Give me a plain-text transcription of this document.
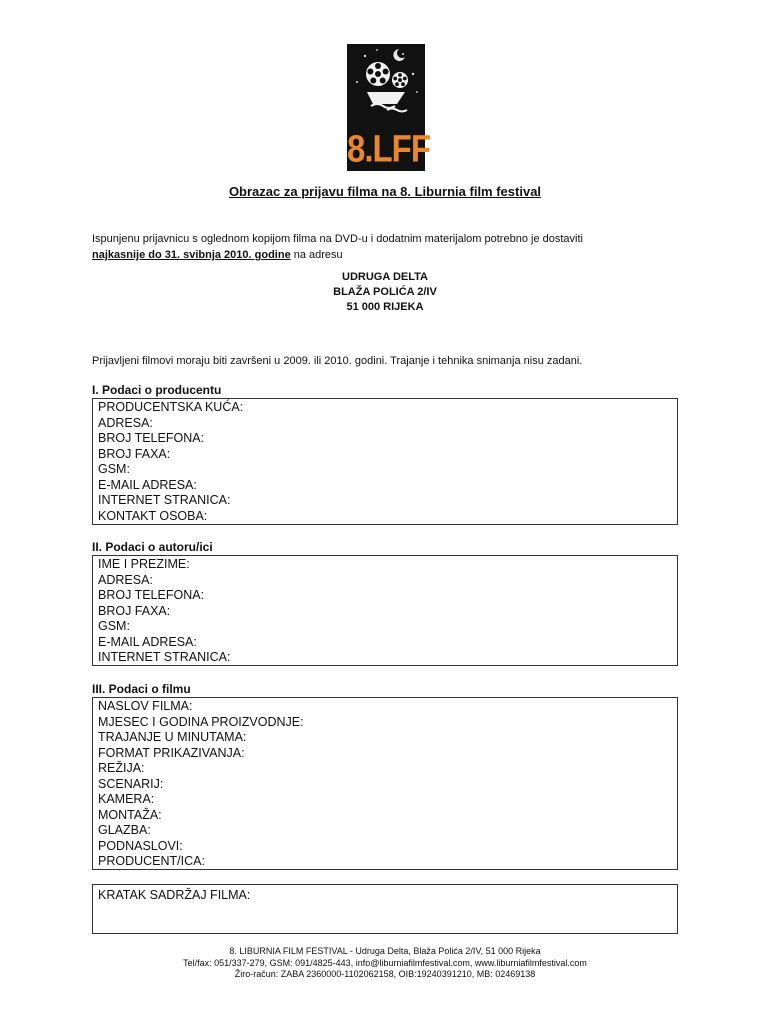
8.LFF
Obrazac za prijavu filma na 8. Liburnia film festival
Ispunjenu prijavnicu s oglednom kopijom filma na DVD-u i dodatnim materijalom potrebno je dostaviti
najkasnije do 31. svibnja 2010. godine na adresu
UDRUGA DELTA
BLAŽA POLIĆA 2/IV
51 000 RIJEKA
Prijavljeni filmovi moraju biti završeni u 2009. ili 2010. godini. Trajanje i tehnika snimanja nisu zadani.
I. Podaci o producentu
PRODUCENTSKA KUĆA:
ADRESA:
BROJ TELEFONA:
BROJ FAXA:
GSM:
E-MAIL ADRESA:
INTERNET STRANICA:
KONTAKT OSOBA:
II. Podaci o autoru/ici
IME I PREZIME:
ADRESA:
BROJ TELEFONA:
BROJ FAXA:
GSM:
E-MAIL ADRESA:
INTERNET STRANICA:
III. Podaci o filmu
NASLOV FILMA:
MJESEC I GODINA PROIZVODNJE:
TRAJANJE U MINUTAMA:
FORMAT PRIKAZIVANJA:
REŽIJA:
SCENARIJ:
KAMERA:
MONTAŽA:
GLAZBA:
PODNASLOVI:
PRODUCENT/ICA:
KRATAK SADRŽAJ FILMA:
8. LIBURNIA FILM FESTIVAL - Udruga Delta, Blaža Polića 2/IV, 51 000 Rijeka
Tel/fax: 051/337-279, GSM: 091/4825-443, info@liburniafilmfestival.com, www.liburniafilmfestival.com
Žiro-račun: ZABA 2360000-1102062158, OIB:19240391210, MB: 02469138
